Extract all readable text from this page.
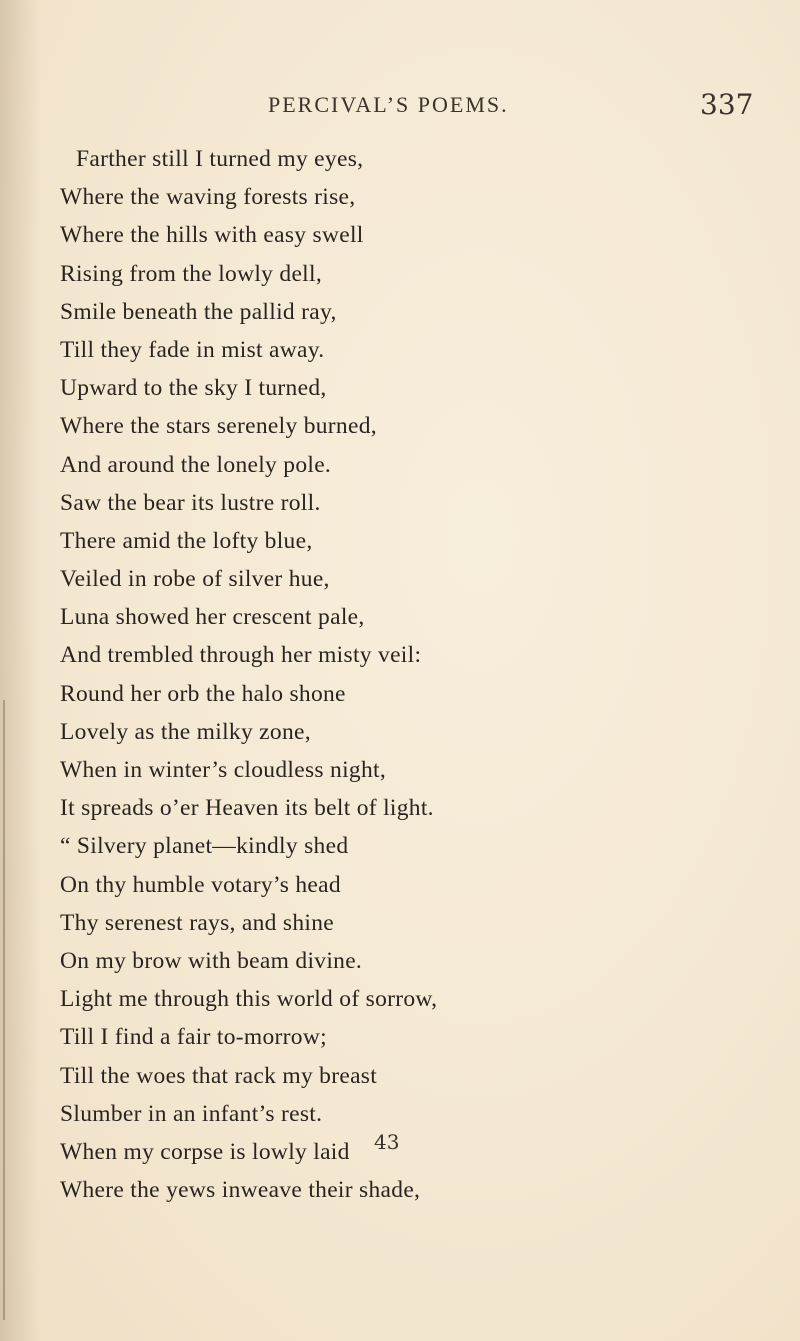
PERCIVAL’S POEMS.	337
Farther still I turned my eyes,
Where the waving forests rise,
Where the hills with easy swell
Rising from the lowly dell,
Smile beneath the pallid ray,
Till they fade in mist away.
Upward to the sky I turned,
Where the stars serenely burned,
And around the lonely pole.
Saw the bear its lustre roll.
There amid the lofty blue,
Veiled in robe of silver hue,
Luna showed her crescent pale,
And trembled through her misty veil:
Round her orb the halo shone
Lovely as the milky zone,
When in winter’s cloudless night,
It spreads o’er Heaven its belt of light.
“ Silvery planet—kindly shed
On thy humble votary’s head
Thy serenest rays, and shine
On my brow with beam divine.
Light me through this world of sorrow,
Till I find a fair to-morrow;
Till the woes that rack my breast
Slumber in an infant’s rest.
When my corpse is lowly laid
Where the yews inweave their shade,
43
